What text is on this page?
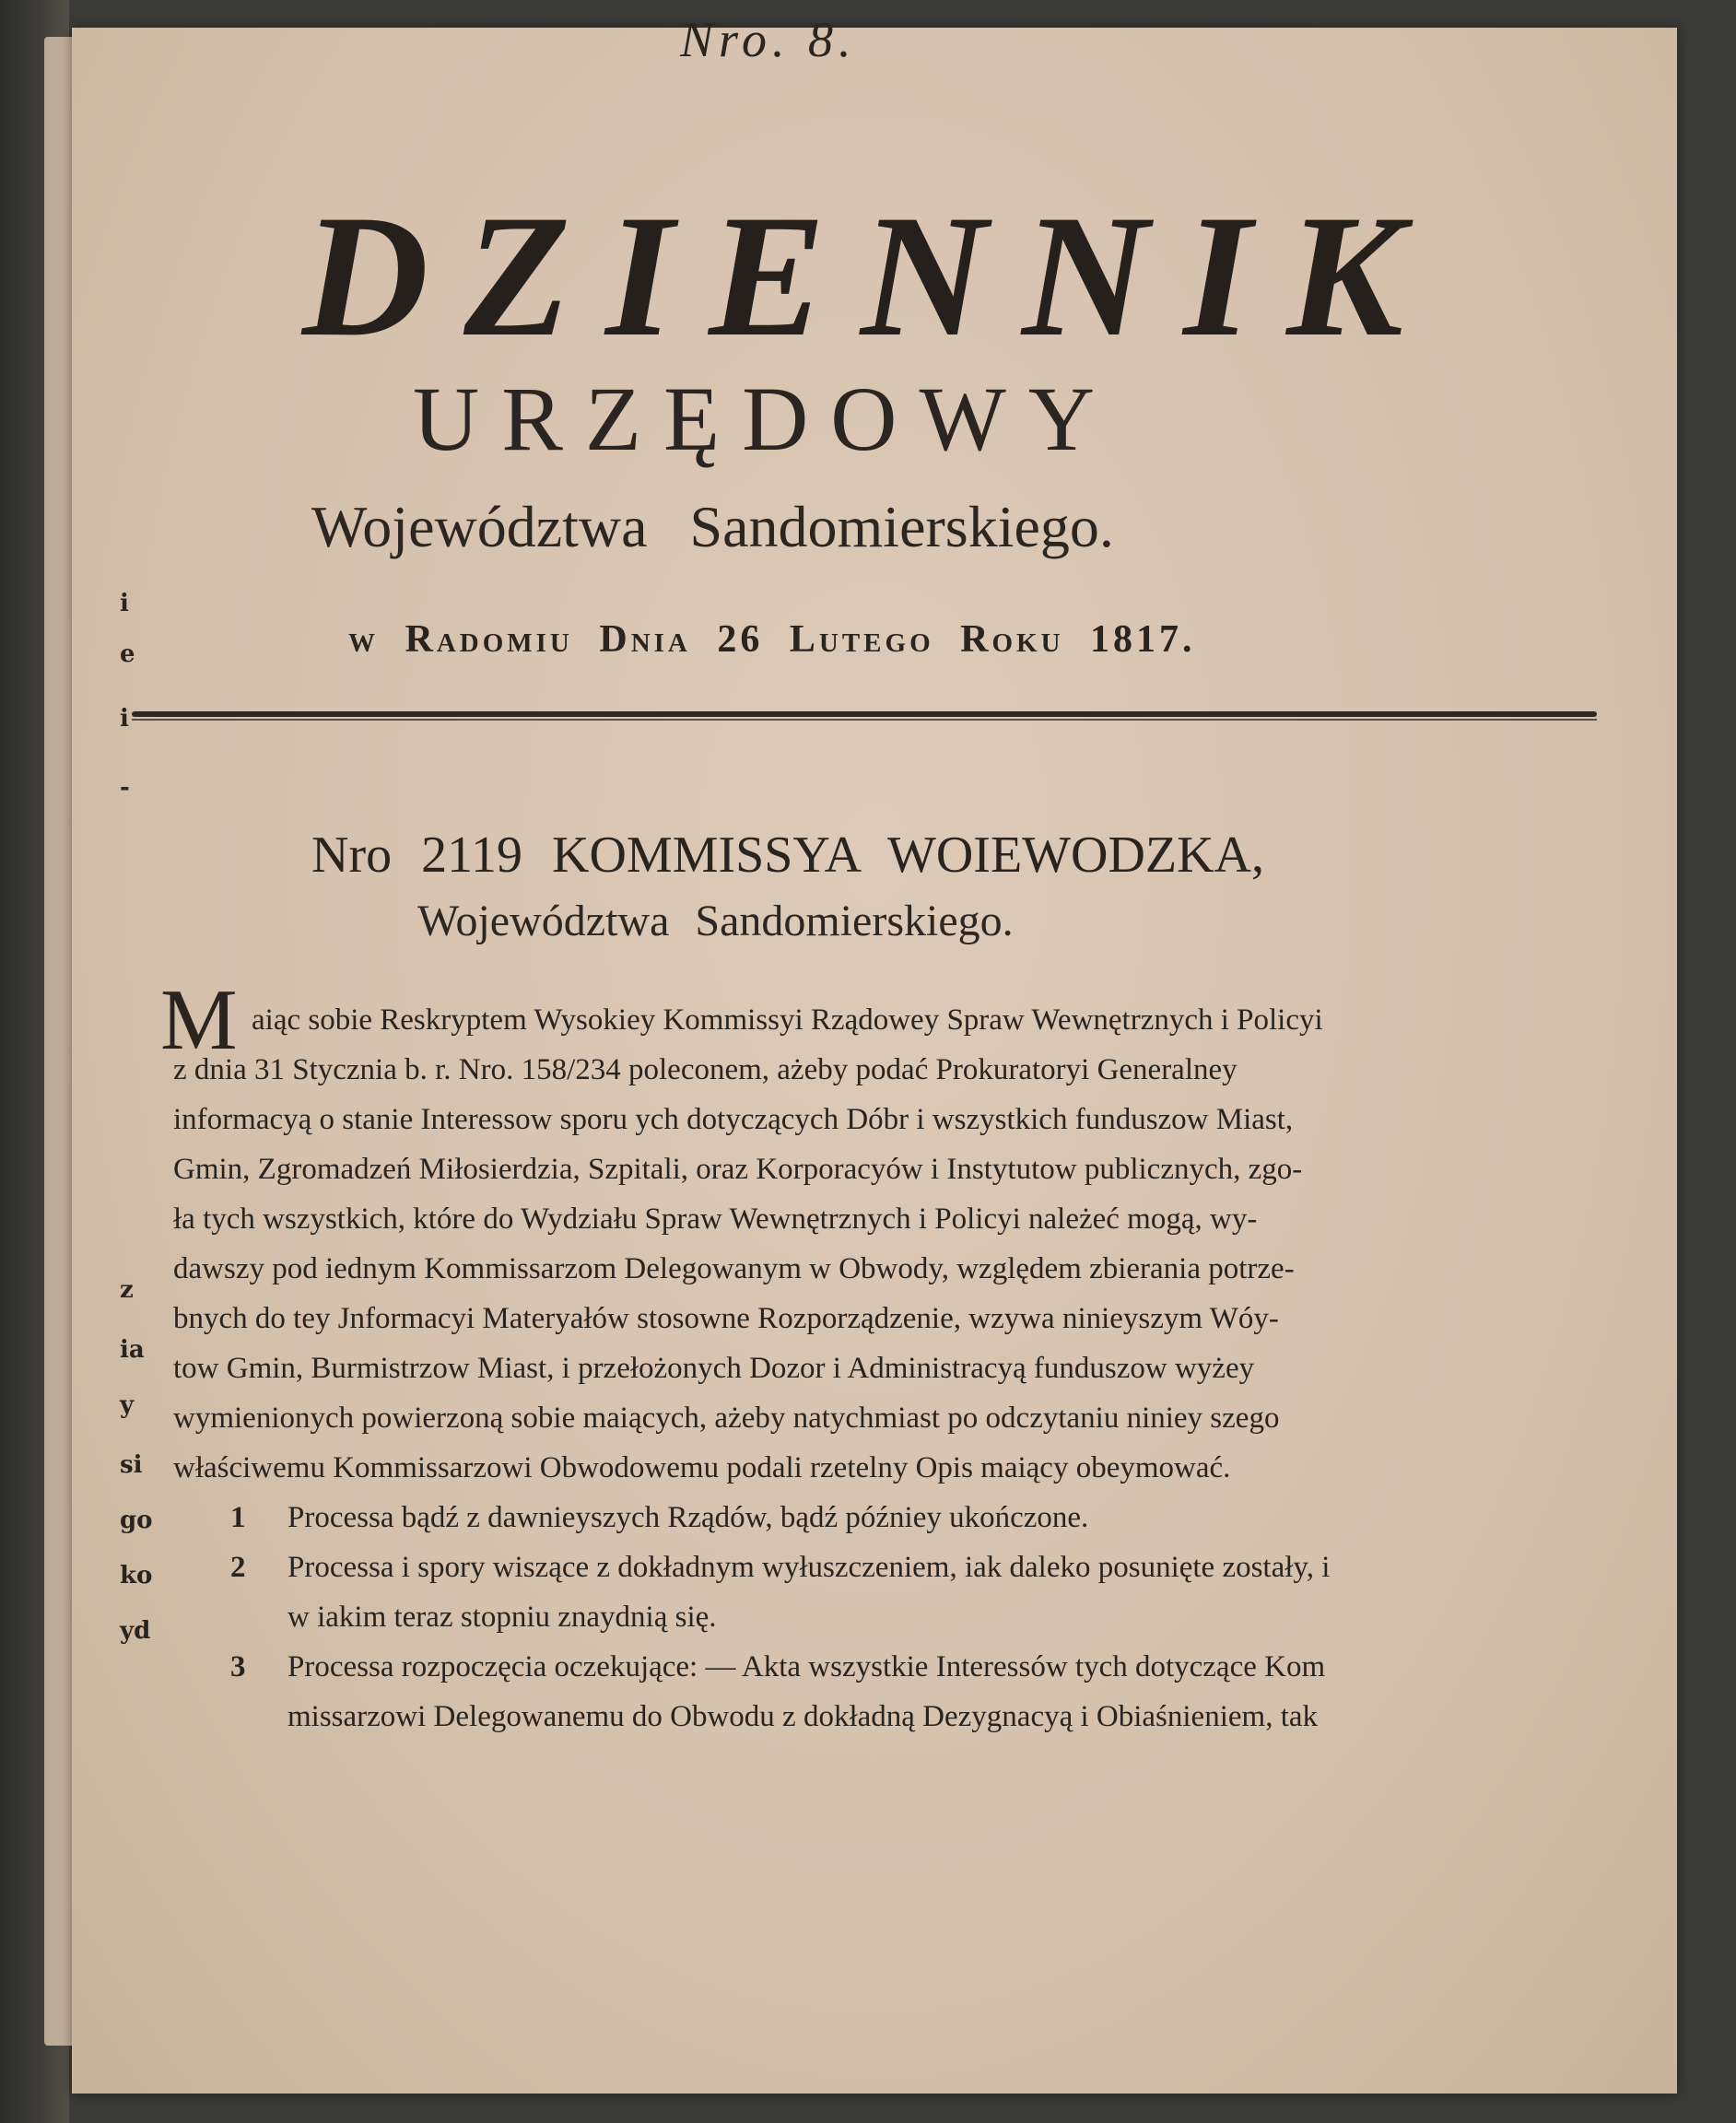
i
e
i
-
z
ia
y
si
go
ko
yd
Nro. 8.
DZIENNIK
URZĘDOWY
Województwa Sandomierskiego.
w Radomiu Dnia 26 Lutego Roku 1817.
Nro 2119 KOMMISSYA WOIEWODZKA,
Województwa Sandomierskiego.
M aiąc sobie Reskryptem Wysokiey Kommissyi Rządowey Spraw Wewnętrznych i Policyi
z dnia 31 Stycznia b. r. Nro. 158/234 poleconem, ażeby podać Prokuratoryi Generalney
informacyą o stanie Interessow sporu ych dotyczących Dóbr i wszystkich funduszow Miast,
Gmin, Zgromadzeń Miłosierdzia, Szpitali, oraz Korporacyów i Instytutow publicznych, zgo-
ła tych wszystkich, które do Wydziału Spraw Wewnętrznych i Policyi należeć mogą, wy-
dawszy pod iednym Kommissarzom Delegowanym w Obwody, względem zbierania potrze-
bnych do tey Jnformacyi Materyałów stosowne Rozporządzenie, wzywa ninieyszym Wóy-
tow Gmin, Burmistrzow Miast, i przełożonych Dozor i Administracyą funduszow wyżey
wymienionych powierzoną sobie maiących, ażeby natychmiast po odczytaniu niniey szego
właściwemu Kommissarzowi Obwodowemu podali rzetelny Opis maiący obeymować.
1 Processa bądź z dawnieyszych Rządów, bądź późniey ukończone.
2 Processa i spory wiszące z dokładnym wyłuszczeniem, iak daleko posunięte zostały, i
w iakim teraz stopniu znaydnią się.
3 Processa rozpoczęcia oczekujące: — Akta wszystkie Interessów tych dotyczące Kom
missarzowi Delegowanemu do Obwodu z dokładną Dezygnacyą i Obiaśnieniem, tak
